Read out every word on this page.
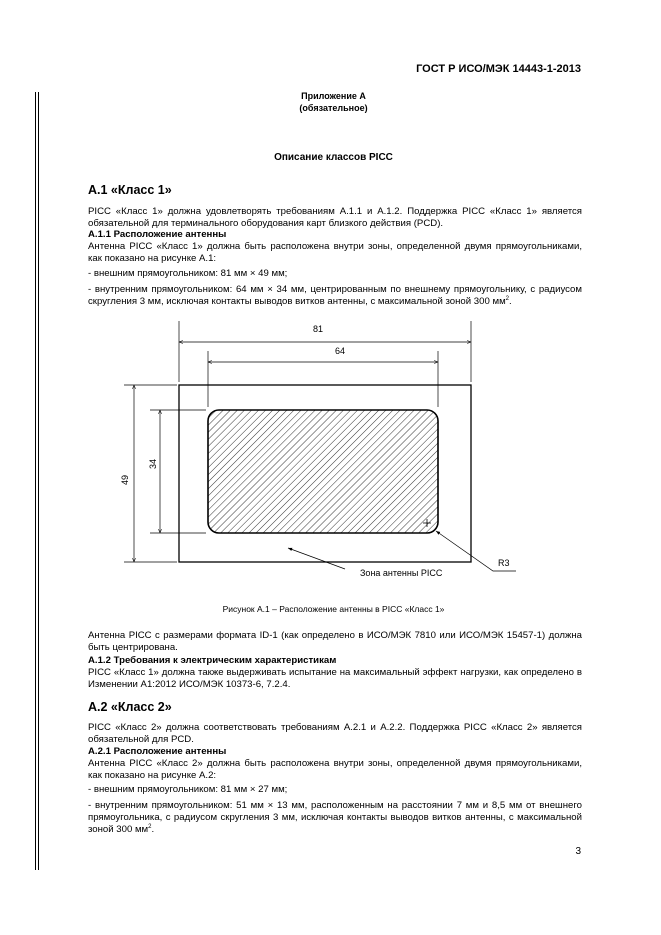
ГОСТ Р ИСО/МЭК 14443-1-2013
Приложение А
(обязательное)
Описание классов PICC
А.1 «Класс 1»

PICC «Класс 1» должна удовлетворять требованиям А.1.1 и А.1.2. Поддержка PICC «Класс 1» является обязательной для терминального оборудования карт близкого действия (PCD).

А.1.1 Расположение антенны

Антенна PICC «Класс 1» должна быть расположена внутри зоны, определенной двумя прямоугольниками, как показано на рисунке А.1:

- внешним прямоугольником: 81 мм × 49 мм;

- внутренним прямоугольником: 64 мм × 34 мм, центрированным по внешнему прямоугольнику, с радиусом скругления 3 мм, исключая контакты выводов витков антенны, с максимальной зоной 300 $мм^2$.

81
64
49
34
R3
Зона антенны PICC
Рисунок А.1 – Расположение антенны в PICC «Класс 1»

Антенна PICC с размерами формата ID-1 (как определено в ИСО/МЭК 7810 или ИСО/МЭК 15457-1) должна быть центрирована.

А.1.2 Требования к электрическим характеристикам

PICC «Класс 1» должна также выдерживать испытание на максимальный эффект нагрузки, как определено в Изменении А1:2012 ИСО/МЭК 10373-6, 7.2.4.

А.2 «Класс 2»

PICC «Класс 2» должна соответствовать требованиям А.2.1 и А.2.2. Поддержка PICC «Класс 2» является обязательной для PCD.

А.2.1 Расположение антенны

Антенна PICC «Класс 2» должна быть расположена внутри зоны, определенной двумя прямоугольниками, как показано на рисунке А.2:

- внешним прямоугольником: 81 мм × 27 мм;

- внутренним прямоугольником: 51 мм × 13 мм, расположенным на расстоянии 7 мм и 8,5 мм от внешнего прямоугольника, с радиусом скругления 3 мм, исключая контакты выводов витков антенны, с максимальной зоной 300 $мм^2$.

3
